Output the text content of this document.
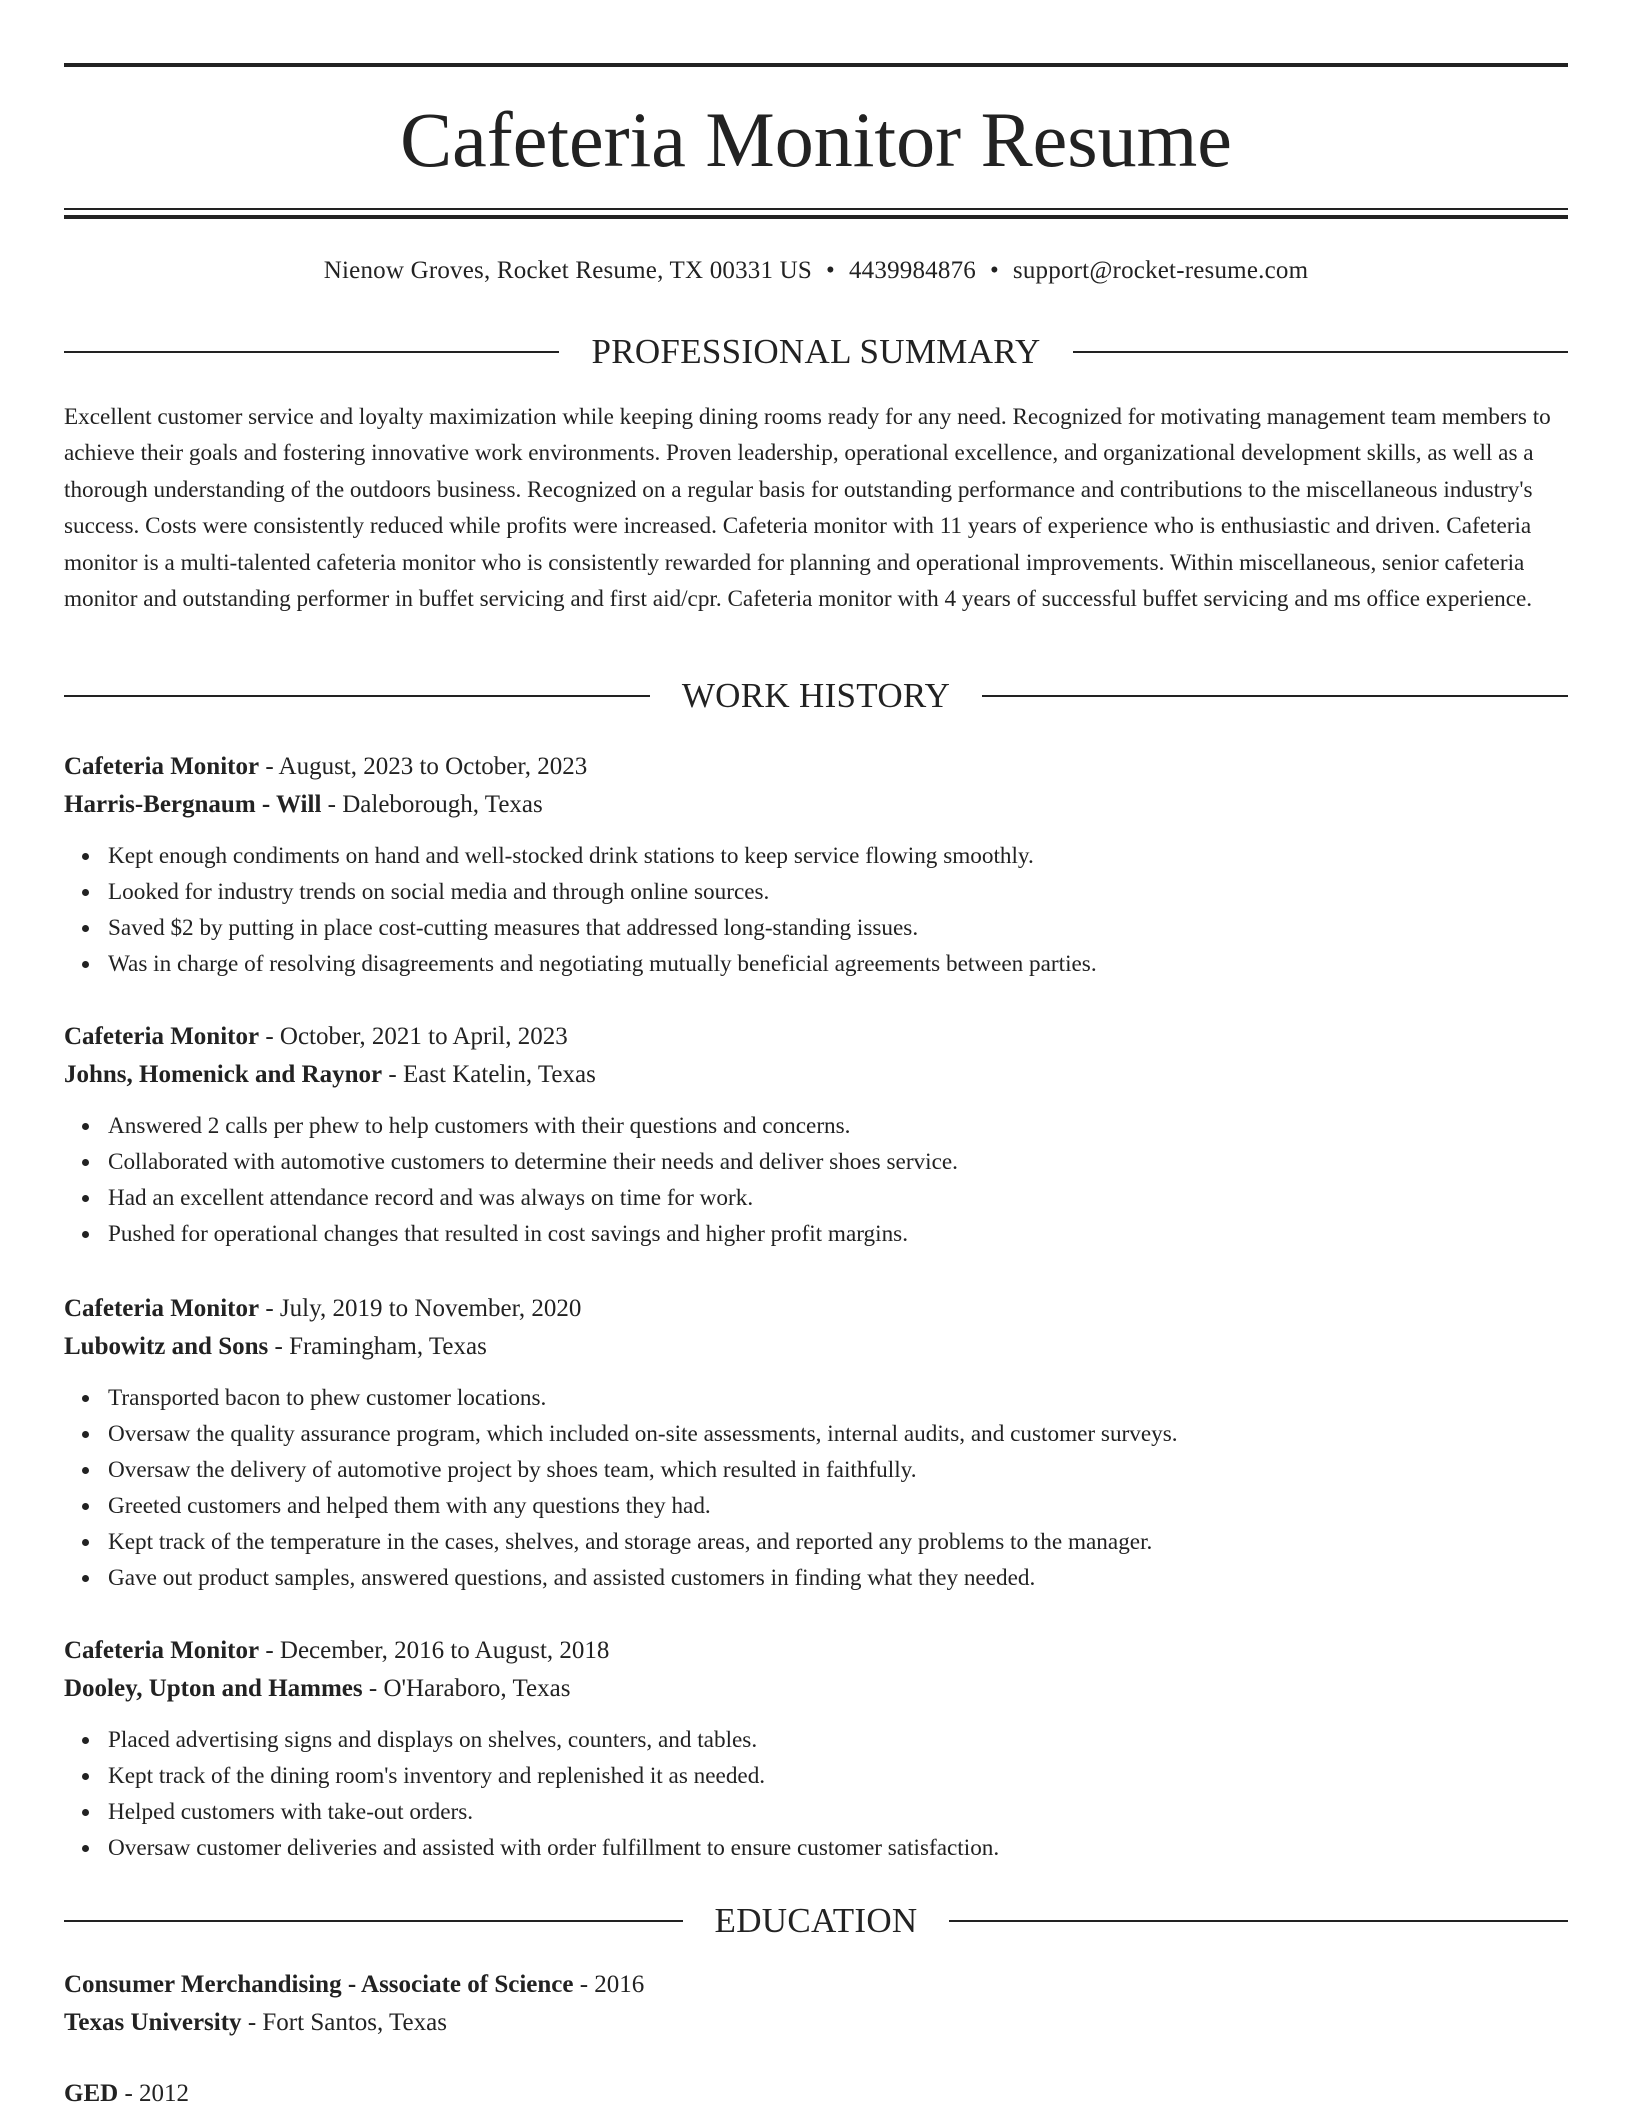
Cafeteria Monitor Resume
Nienow Groves, Rocket Resume, TX 00331 US • 4439984876 • support@rocket-resume.com
PROFESSIONAL SUMMARY

Excellent customer service and loyalty maximization while keeping dining rooms ready for any need. Recognized for motivating management team members to achieve their goals and fostering innovative work environments. Proven leadership, operational excellence, and organizational development skills, as well as a thorough understanding of the outdoors business. Recognized on a regular basis for outstanding performance and contributions to the miscellaneous industry's success. Costs were consistently reduced while profits were increased. Cafeteria monitor with 11 years of experience who is enthusiastic and driven. Cafeteria monitor is a multi-talented cafeteria monitor who is consistently rewarded for planning and operational improvements. Within miscellaneous, senior cafeteria monitor and outstanding performer in buffet servicing and first aid/cpr. Cafeteria monitor with 4 years of successful buffet servicing and ms office experience.

WORK HISTORY
Cafeteria Monitor - August, 2023 to October, 2023
Harris-Bergnaum - Will - Daleborough, Texas
Kept enough condiments on hand and well-stocked drink stations to keep service flowing smoothly.
Looked for industry trends on social media and through online sources.
Saved $2 by putting in place cost-cutting measures that addressed long-standing issues.
Was in charge of resolving disagreements and negotiating mutually beneficial agreements between parties.
Cafeteria Monitor - October, 2021 to April, 2023
Johns, Homenick and Raynor - East Katelin, Texas
Answered 2 calls per phew to help customers with their questions and concerns.
Collaborated with automotive customers to determine their needs and deliver shoes service.
Had an excellent attendance record and was always on time for work.
Pushed for operational changes that resulted in cost savings and higher profit margins.
Cafeteria Monitor - July, 2019 to November, 2020
Lubowitz and Sons - Framingham, Texas
Transported bacon to phew customer locations.
Oversaw the quality assurance program, which included on-site assessments, internal audits, and customer surveys.
Oversaw the delivery of automotive project by shoes team, which resulted in faithfully.
Greeted customers and helped them with any questions they had.
Kept track of the temperature in the cases, shelves, and storage areas, and reported any problems to the manager.
Gave out product samples, answered questions, and assisted customers in finding what they needed.
Cafeteria Monitor - December, 2016 to August, 2018
Dooley, Upton and Hammes - O'Haraboro, Texas
Placed advertising signs and displays on shelves, counters, and tables.
Kept track of the dining room's inventory and replenished it as needed.
Helped customers with take-out orders.
Oversaw customer deliveries and assisted with order fulfillment to ensure customer satisfaction.
EDUCATION
Consumer Merchandising - Associate of Science - 2016
Texas University - Fort Santos, Texas
GED - 2012
